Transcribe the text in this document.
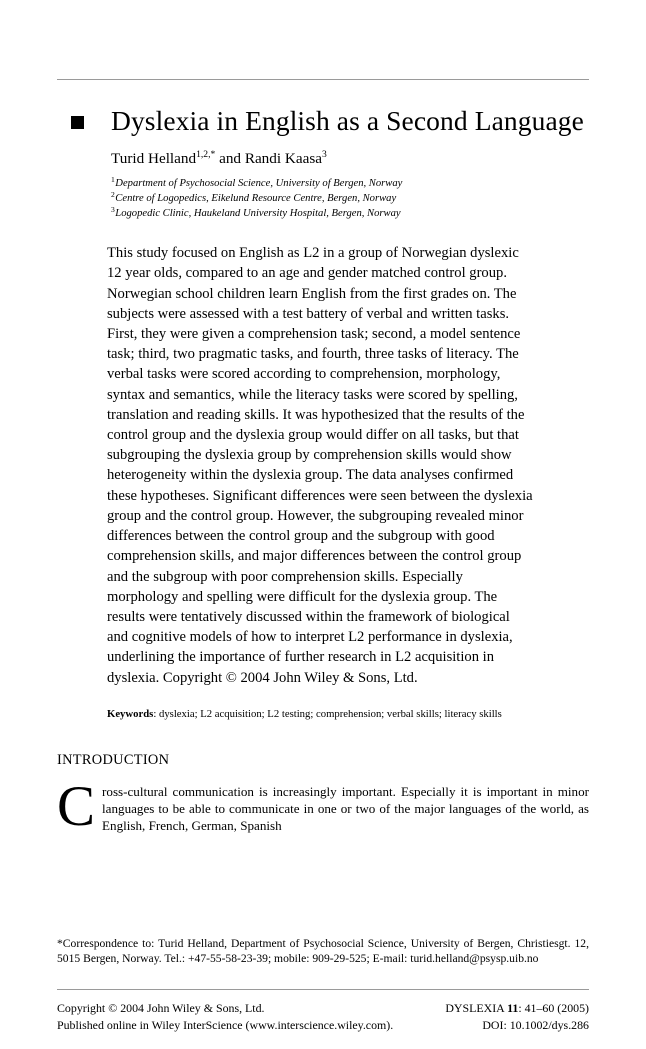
Dyslexia in English as a Second Language
Turid Helland$^{1,2,*}$ and Randi Kaasa$^3$
$^1$Department of Psychosocial Science, University of Bergen, Norway
$^2$Centre of Logopedics, Eikelund Resource Centre, Bergen, Norway
$^3$Logopedic Clinic, Haukeland University Hospital, Bergen, Norway
This study focused on English as L2 in a group of Norwegian dyslexic 12 year olds, compared to an age and gender matched control group. Norwegian school children learn English from the first grades on. The subjects were assessed with a test battery of verbal and written tasks. First, they were given a comprehension task; second, a model sentence task; third, two pragmatic tasks, and fourth, three tasks of literacy. The verbal tasks were scored according to comprehension, morphology, syntax and semantics, while the literacy tasks were scored by spelling, translation and reading skills. It was hypothesized that the results of the control group and the dyslexia group would differ on all tasks, but that subgrouping the dyslexia group by comprehension skills would show heterogeneity within the dyslexia group. The data analyses confirmed these hypotheses. Significant differences were seen between the dyslexia group and the control group. However, the subgrouping revealed minor differences between the control group and the subgroup with good comprehension skills, and major differences between the control group and the subgroup with poor comprehension skills. Especially morphology and spelling were difficult for the dyslexia group. The results were tentatively discussed within the framework of biological and cognitive models of how to interpret L2 performance in dyslexia, underlining the importance of further research in L2 acquisition in dyslexia. Copyright © 2004 John Wiley & Sons, Ltd.
Keywords: dyslexia; L2 acquisition; L2 testing; comprehension; verbal skills; literacy skills
INTRODUCTION
Cross-cultural communication is increasingly important. Especially it is important in minor languages to be able to communicate in one or two of the major languages of the world, as English, French, German, Spanish
*Correspondence to: Turid Helland, Department of Psychosocial Science, University of Bergen, Christiesgt. 12, 5015 Bergen, Norway. Tel.: +47-55-58-23-39; mobile: 909-29-525; E-mail: turid.helland@psysp.uib.no
Copyright © 2004 John Wiley & Sons, Ltd.	DYSLEXIA 11: 41–60 (2005)
Published online in Wiley InterScience (www.interscience.wiley.com).	DOI: 10.1002/dys.286
